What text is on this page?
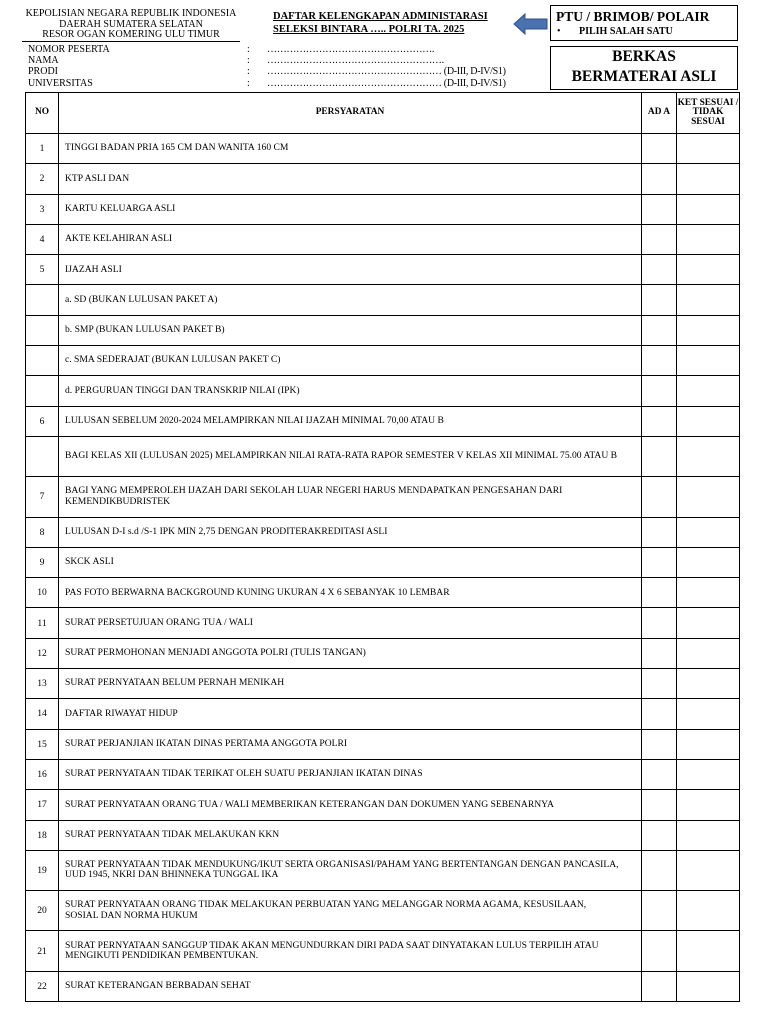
KEPOLISIAN NEGARA REPUBLIK INDONESIA
DAERAH SUMATERA SELATAN
RESOR OGAN KOMERING ULU TIMUR
DAFTAR KELENGKAPAN ADMINISTARASI
SELEKSI BINTARA ….. POLRI TA. 2025
PTU / BRIMOB/ POLAIR
• PILIH SALAH SATU
BERKAS
BERMATERAI ASLI
NOMOR PESERTA	: …………………………………………….
NAMA	: ……………………………………………….
PRODI	: ……………………………………………… (D-III, D-IV/S1)
UNIVERSITAS	: ……………………………………………… (D-III, D-IV/S1)
NO	PERSYARATAN	AD A	KET SESUAI / TIDAK SESUAI
1	TINGGI BADAN PRIA 165 CM DAN WANITA 160 CM		
2	KTP ASLI DAN		
3	KARTU KELUARGA ASLI		
4	AKTE KELAHIRAN ASLI		
5	IJAZAH ASLI		
	a. SD (BUKAN LULUSAN PAKET A)		
	b. SMP (BUKAN LULUSAN PAKET B)		
	c. SMA SEDERAJAT (BUKAN LULUSAN PAKET C)		
	d. PERGURUAN TINGGI DAN TRANSKRIP NILAI (IPK)		
6	LULUSAN SEBELUM 2020-2024 MELAMPIRKAN NILAI IJAZAH MINIMAL 70,00 ATAU B		
	BAGI KELAS XII (LULUSAN 2025) MELAMPIRKAN NILAI RATA-RATA RAPOR SEMESTER V KELAS XII MINIMAL 75.00 ATAU B		
7	BAGI YANG MEMPEROLEH IJAZAH DARI SEKOLAH LUAR NEGERI HARUS MENDAPATKAN PENGESAHAN DARI KEMENDIKBUDRISTEK		
8	LULUSAN D-I s.d /S-1 IPK MIN 2,75 DENGAN PRODITERAKREDITASI ASLI		
9	SKCK ASLI		
10	PAS FOTO BERWARNA BACKGROUND KUNING UKURAN 4 X 6 SEBANYAK 10 LEMBAR		
11	SURAT PERSETUJUAN ORANG TUA / WALI		
12	SURAT PERMOHONAN MENJADI ANGGOTA POLRI (TULIS TANGAN)		
13	SURAT PERNYATAAN BELUM PERNAH MENIKAH		
14	DAFTAR RIWAYAT HIDUP		
15	SURAT PERJANJIAN IKATAN DINAS PERTAMA ANGGOTA POLRI		
16	SURAT PERNYATAAN TIDAK TERIKAT OLEH SUATU PERJANJIAN IKATAN DINAS		
17	SURAT PERNYATAAN ORANG TUA / WALI MEMBERIKAN KETERANGAN DAN DOKUMEN YANG SEBENARNYA		
18	SURAT PERNYATAAN TIDAK MELAKUKAN KKN		
19	SURAT PERNYATAAN TIDAK MENDUKUNG/IKUT SERTA ORGANISASI/PAHAM YANG BERTENTANGAN DENGAN PANCASILA, UUD 1945, NKRI DAN BHINNEKA TUNGGAL IKA		
20	SURAT PERNYATAAN ORANG TIDAK MELAKUKAN PERBUATAN YANG MELANGGAR NORMA AGAMA, KESUSILAAN, SOSIAL DAN NORMA HUKUM		
21	SURAT PERNYATAAN SANGGUP TIDAK AKAN MENGUNDURKAN DIRI PADA SAAT DINYATAKAN LULUS TERPILIH ATAU MENGIKUTI PENDIDIKAN PEMBENTUKAN.		
22	SURAT KETERANGAN BERBADAN SEHAT		
